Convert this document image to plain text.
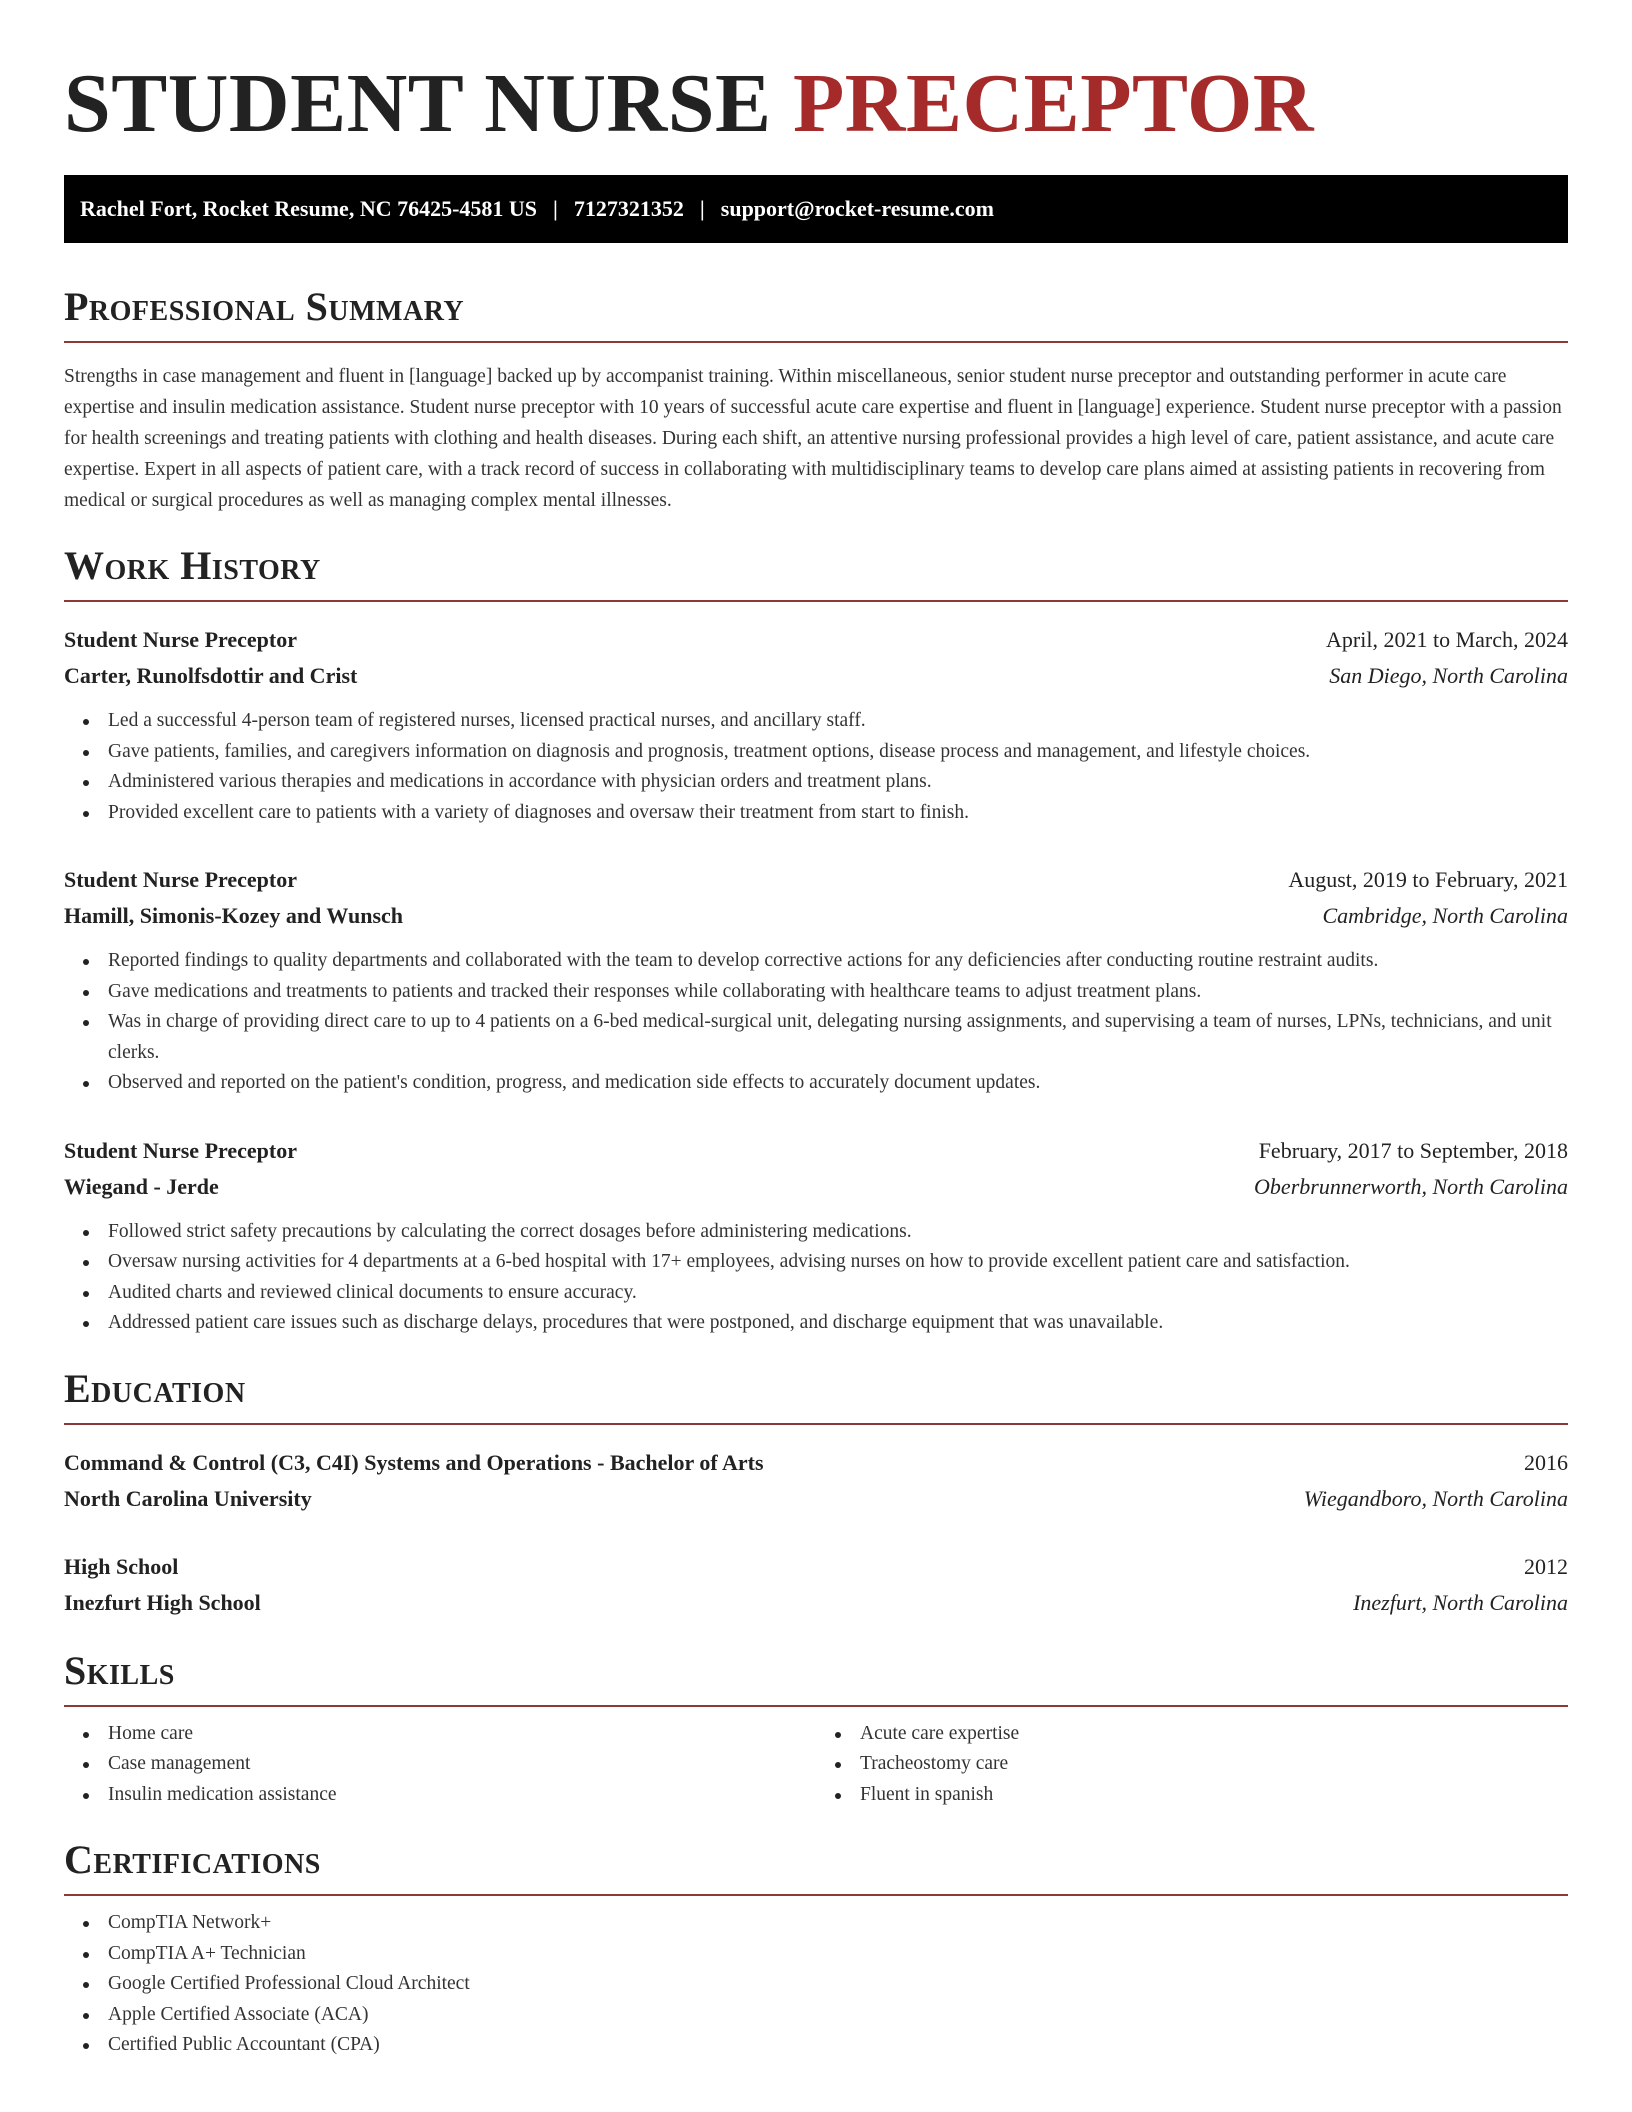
STUDENT NURSE PRECEPTOR
Rachel Fort, Rocket Resume, NC 76425-4581 US | 7127321352 | support@rocket-resume.com
Professional Summary

Strengths in case management and fluent in [language] backed up by accompanist training. Within miscellaneous, senior student nurse preceptor and outstanding performer in acute care expertise and insulin medication assistance. Student nurse preceptor with 10 years of successful acute care expertise and fluent in [language] experience. Student nurse preceptor with a passion for health screenings and treating patients with clothing and health diseases. During each shift, an attentive nursing professional provides a high level of care, patient assistance, and acute care expertise. Expert in all aspects of patient care, with a track record of success in collaborating with multidisciplinary teams to develop care plans aimed at assisting patients in recovering from medical or surgical procedures as well as managing complex mental illnesses.

Work History
Student Nurse Preceptor	April, 2021 to March, 2024
Carter, Runolfsdottir and Crist	San Diego, North Carolina
Led a successful 4-person team of registered nurses, licensed practical nurses, and ancillary staff.
Gave patients, families, and caregivers information on diagnosis and prognosis, treatment options, disease process and management, and lifestyle choices.
Administered various therapies and medications in accordance with physician orders and treatment plans.
Provided excellent care to patients with a variety of diagnoses and oversaw their treatment from start to finish.
Student Nurse Preceptor	August, 2019 to February, 2021
Hamill, Simonis-Kozey and Wunsch	Cambridge, North Carolina
Reported findings to quality departments and collaborated with the team to develop corrective actions for any deficiencies after conducting routine restraint audits.
Gave medications and treatments to patients and tracked their responses while collaborating with healthcare teams to adjust treatment plans.
Was in charge of providing direct care to up to 4 patients on a 6-bed medical-surgical unit, delegating nursing assignments, and supervising a team of nurses, LPNs, technicians, and unit clerks.
Observed and reported on the patient's condition, progress, and medication side effects to accurately document updates.
Student Nurse Preceptor	February, 2017 to September, 2018
Wiegand - Jerde	Oberbrunnerworth, North Carolina
Followed strict safety precautions by calculating the correct dosages before administering medications.
Oversaw nursing activities for 4 departments at a 6-bed hospital with 17+ employees, advising nurses on how to provide excellent patient care and satisfaction.
Audited charts and reviewed clinical documents to ensure accuracy.
Addressed patient care issues such as discharge delays, procedures that were postponed, and discharge equipment that was unavailable.
Education
Command & Control (C3, C4I) Systems and Operations - Bachelor of Arts	2016
North Carolina University	Wiegandboro, North Carolina
High School	2012
Inezfurt High School	Inezfurt, North Carolina
Skills
Home care
Case management
Insulin medication assistance
Acute care expertise
Tracheostomy care
Fluent in spanish
Certifications
CompTIA Network+
CompTIA A+ Technician
Google Certified Professional Cloud Architect
Apple Certified Associate (ACA)
Certified Public Accountant (CPA)
